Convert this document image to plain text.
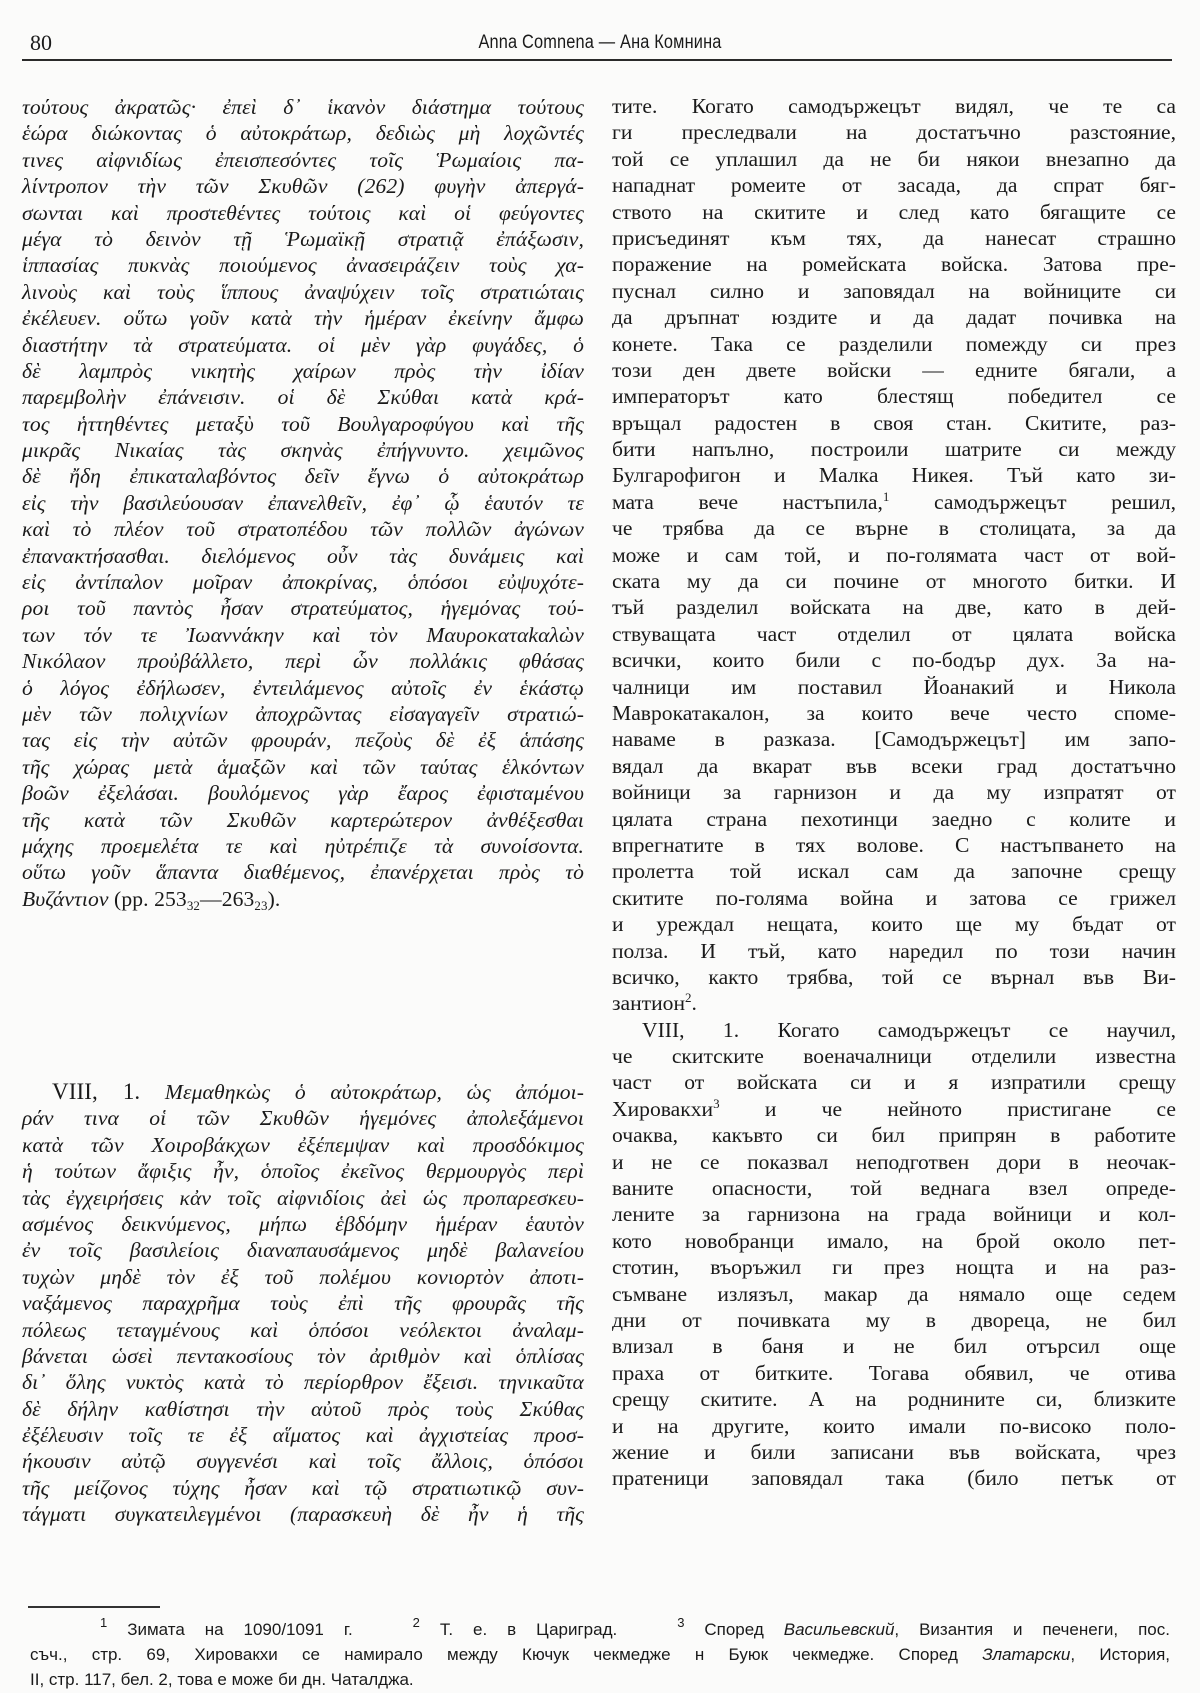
80	Anna Comnena — Ана Комнина
τούτους ἀκρατῶς· ἐπεὶ δ᾽ ἱκανὸν διάστημα τούτους
ἑώρα διώκοντας ὁ αὐτοκράτωρ, δεδιὼς μὴ λοχῶντές
τινες αἰφνιδίως ἐπεισπεσόντες τοῖς Ῥωμαίοις πα-
λίντροπον τὴν τῶν Σκυθῶν (262) φυγὴν ἀπεργά-
σωνται καὶ προστεθέντες τούτοις καὶ οἱ φεύγοντες
μέγα τὸ δεινὸν τῇ Ῥωμαϊκῇ στρατιᾷ ἐπάξωσιν,
ἱππασίας πυκνὰς ποιούμενος ἀνασειράζειν τοὺς χα-
λινοὺς καὶ τοὺς ἵππους ἀναψύχειν τοῖς στρατιώταις
ἐκέλευεν. οὕτω γοῦν κατὰ τὴν ἡμέραν ἐκείνην ἄμφω
διαστήτην τὰ στρατεύματα. οἱ μὲν γὰρ φυγάδες, ὁ
δὲ λαμπρὸς νικητὴς χαίρων πρὸς τὴν ἰδίαν
παρεμβολὴν ἐπάνεισιν. οἱ δὲ Σκύθαι κατὰ κρά-
τος ἡττηθέντες μεταξὺ τοῦ Βουλγαροφύγου καὶ τῆς
μικρᾶς Νικαίας τὰς σκηνὰς ἐπήγνυντο. χειμῶνος
δὲ ἤδη ἐπικαταλαβόντος δεῖν ἔγνω ὁ αὐτοκράτωρ
εἰς τὴν βασιλεύουσαν ἐπανελθεῖν, ἐφ᾽ ᾧ ἑαυτόν τε
καὶ τὸ πλέον τοῦ στρατοπέδου τῶν πολλῶν ἀγώνων
ἐπανακτήσασθαι. διελόμενος οὖν τὰς δυνάμεις καὶ
εἰς ἀντίπαλον μοῖραν ἀποκρίνας, ὁπόσοι εὐψυχότε-
ροι τοῦ παντὸς ἦσαν στρατεύματος, ἡγεμόνας τού-
των τόν τε Ἰωαννάκην καὶ τὸν Μαυροκαταkαλὼν
Νικόλαον προὐβάλλετο, περὶ ὧν πολλάκις φθάσας
ὁ λόγος ἐδήλωσεν, ἐντειλάμενος αὐτοῖς ἐν ἑκάστῳ
μὲν τῶν πολιχνίων ἀποχρῶντας εἰσαγαγεῖν στρατιώ-
τας εἰς τὴν αὐτῶν φρουράν, πεζοὺς δὲ ἐξ ἁπάσης
τῆς χώρας μετὰ ἁμαξῶν καὶ τῶν ταύτας ἑλκόντων
βοῶν ἐξελάσαι. βουλόμενος γὰρ ἔαρος ἐφισταμένου
τῆς κατὰ τῶν Σκυθῶν καρτερώτερον ἀνθέξεσθαι
μάχης προεμελέτα τε καὶ ηὐτρέπιζε τὰ συνοίσοντα.
οὕτω γοῦν ἅπαντα διαθέμενος, ἐπανέρχεται πρὸς τὸ
Βυζάντιον (pp. $253_{32}—263_{23}$).
VIII, 1. Μεμαθηκὼς ὁ αὐτοκράτωρ, ὡς ἀπόμοι-
ράν τινα οἱ τῶν Σκυθῶν ἡγεμόνες ἀπολεξάμενοι
κατὰ τῶν Χοιροβάκχων ἐξέπεμψαν καὶ προσδόκιμος
ἡ τούτων ἄφιξις ἦν, ὁποῖος ἐκεῖνος θερμουργὸς περὶ
τὰς ἐγχειρήσεις κἀν τοῖς αἰφνιδίοις ἀεὶ ὡς προπαρεσκευ-
ασμένος δεικνύμενος, μήπω ἑβδόμην ἡμέραν ἑαυτὸν
ἐν τοῖς βασιλείοις διαναπαυσάμενος μηδὲ βαλανείου
τυχὼν μηδὲ τὸν ἐξ τοῦ πολέμου κονιορτὸν ἀποτι-
ναξάμενος παραχρῆμα τοὺς ἐπὶ τῆς φρουρᾶς τῆς
πόλεως τεταγμένους καὶ ὁπόσοι νεόλεκτοι ἀναλαμ-
βάνεται ὡσεὶ πεντακοσίους τὸν ἀριθμὸν καὶ ὁπλίσας
δι᾽ ὅλης νυκτὸς κατὰ τὸ περίορθρον ἔξεισι. τηνικαῦτα
δὲ δήλην καθίστησι τὴν αὐτοῦ πρὸς τοὺς Σκύθας
ἐξέλευσιν τοῖς τε ἐξ αἵματος καὶ ἀγχιστείας προσ-
ήκουσιν αὐτῷ συγγενέσι καὶ τοῖς ἄλλοις, ὁπόσοι
τῆς μείζονος τύχης ἦσαν καὶ τῷ στρατιωτικῷ συν-
τάγματι συγκατειλεγμένοι (παρασκευὴ δὲ ἦν ἡ τῆς
тите. Когато самодържецът видял, че те са
ги преследвали на достатъчно разстояние,
той се уплашил да не би някои внезапно да
нападнат ромеите от засада, да спрат бяг-
ството на скитите и след като бягащите се
присъединят към тях, да нанесат страшно
поражение на ромейската войска. Затова пре-
пуснал силно и заповядал на войниците си
да дръпнат юздите и да дадат почивка на
конете. Така се разделили помежду си през
този ден двете войски — едните бягали, а
императорът като блестящ победител се
връщал радостен в своя стан. Скитите, раз-
бити напълно, построили шатрите си между
Булгарофигон и Малка Никея. Тъй като зи-
мата вече настъпила,$^1$ самодържецът решил,
че трябва да се върне в столицата, за да
може и сам той, и по-голямата част от вой-
ската му да си почине от многото битки. И
тъй разделил войската на две, като в дей-
ствуващата част отделил от цялата войска
всички, които били с по-бодър дух. За на-
чалници им поставил Йоанакий и Никола
Маврокатакалон, за които вече често споме-
наваме в разказа. [Самодържецът] им запо-
вядал да вкарат във всеки град достатъчно
войници за гарнизон и да му изпратят от
цялата страна пехотинци заедно с колите и
впрегнатите в тях волове. С настъпването на
пролетта той искал сам да започне срещу
скитите по-голяма война и затова се грижел
и уреждал нещата, които ще му бъдат от
полза. И тъй, като наредил по този начин
всичко, както трябва, той се върнал във Ви-
зантион$^2$.
VIII, 1. Когато самодържецът се научил,
че скитските военачалници отделили известна
част от войската си и я изпратили срещу
Хировакхи$^3$ и че нейното пристигане се
очаква, какъвто си бил припрян в работите
и не се показвал неподготвен дори в неочак-
ваните опасности, той веднага взел опреде-
лените за гарнизона на града войници и кол-
кото новобранци имало, на брой около пет-
стотин, въоръжил ги през нощта и на раз-
съмване излязъл, макар да нямало още седем
дни от почивката му в двореца, не бил
влизал в баня и не бил отърсил още
праха от битките. Тогава обявил, че отива
срещу скитите. А на роднините си, близките
и на другите, които имали по-високо поло-
жение и били записани във войската, чрез
пратеници заповядал така (било петък от
$^1$ Зимата на 1090/1091 г.	$^2$ Т. е. в Цариград.	$^3$ Според Васильевский, Византия и печенеги, пос.
съч., стр. 69, Хировакхи се намирало между Кючук чекмедже н Буюк чекмедже. Според Златарски, История,
II, стр. 117, бел. 2, това е може би дн. Чаталджа.
